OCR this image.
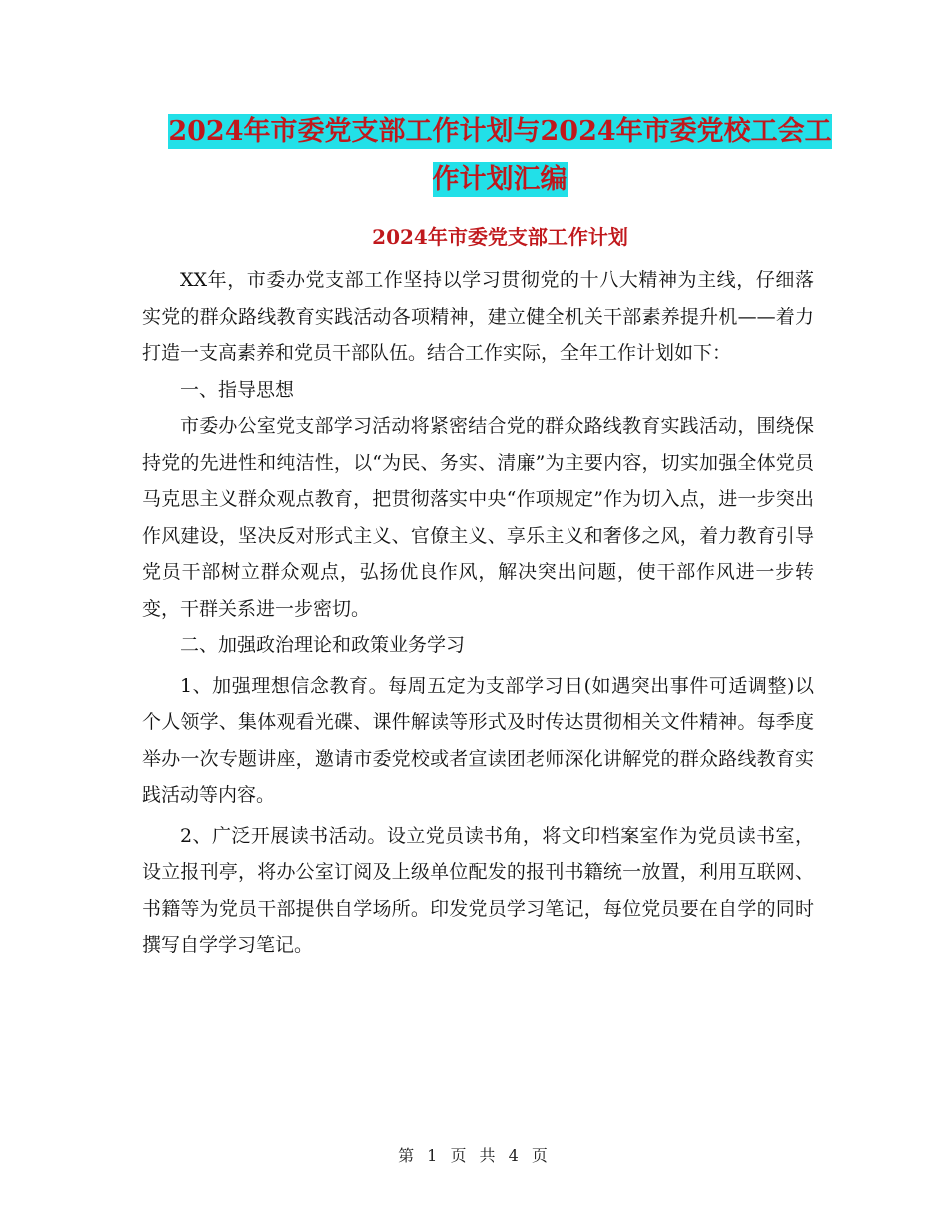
2024年市委党支部工作计划与2024年市委党校工会工
作计划汇编
2024年市委党支部工作计划

XX年，市委办党支部工作坚持以学习贯彻党的十八大精神为主线，仔细落实党的群众路线教育实践活动各项精神，建立健全机关干部素养提升机——着力打造一支高素养和党员干部队伍。结合工作实际，全年工作计划如下：

一、指导思想

市委办公室党支部学习活动将紧密结合党的群众路线教育实践活动，围绕保持党的先进性和纯洁性，以“为民、务实、清廉”为主要内容，切实加强全体党员马克思主义群众观点教育，把贯彻落实中央“作项规定”作为切入点，进一步突出作风建设，坚决反对形式主义、官僚主义、享乐主义和奢侈之风，着力教育引导党员干部树立群众观点，弘扬优良作风，解决突出问题，使干部作风进一步转变，干群关系进一步密切。

二、加强政治理论和政策业务学习

1、加强理想信念教育。每周五定为支部学习日(如遇突出事件可适调整)以个人领学、集体观看光碟、课件解读等形式及时传达贯彻相关文件精神。每季度举办一次专题讲座，邀请市委党校或者宣读团老师深化讲解党的群众路线教育实践活动等内容。

2、广泛开展读书活动。设立党员读书角，将文印档案室作为党员读书室，设立报刊亭，将办公室订阅及上级单位配发的报刊书籍统一放置，利用互联网、书籍等为党员干部提供自学场所。印发党员学习笔记，每位党员要在自学的同时撰写自学学习笔记。

第 1 页 共 4 页
